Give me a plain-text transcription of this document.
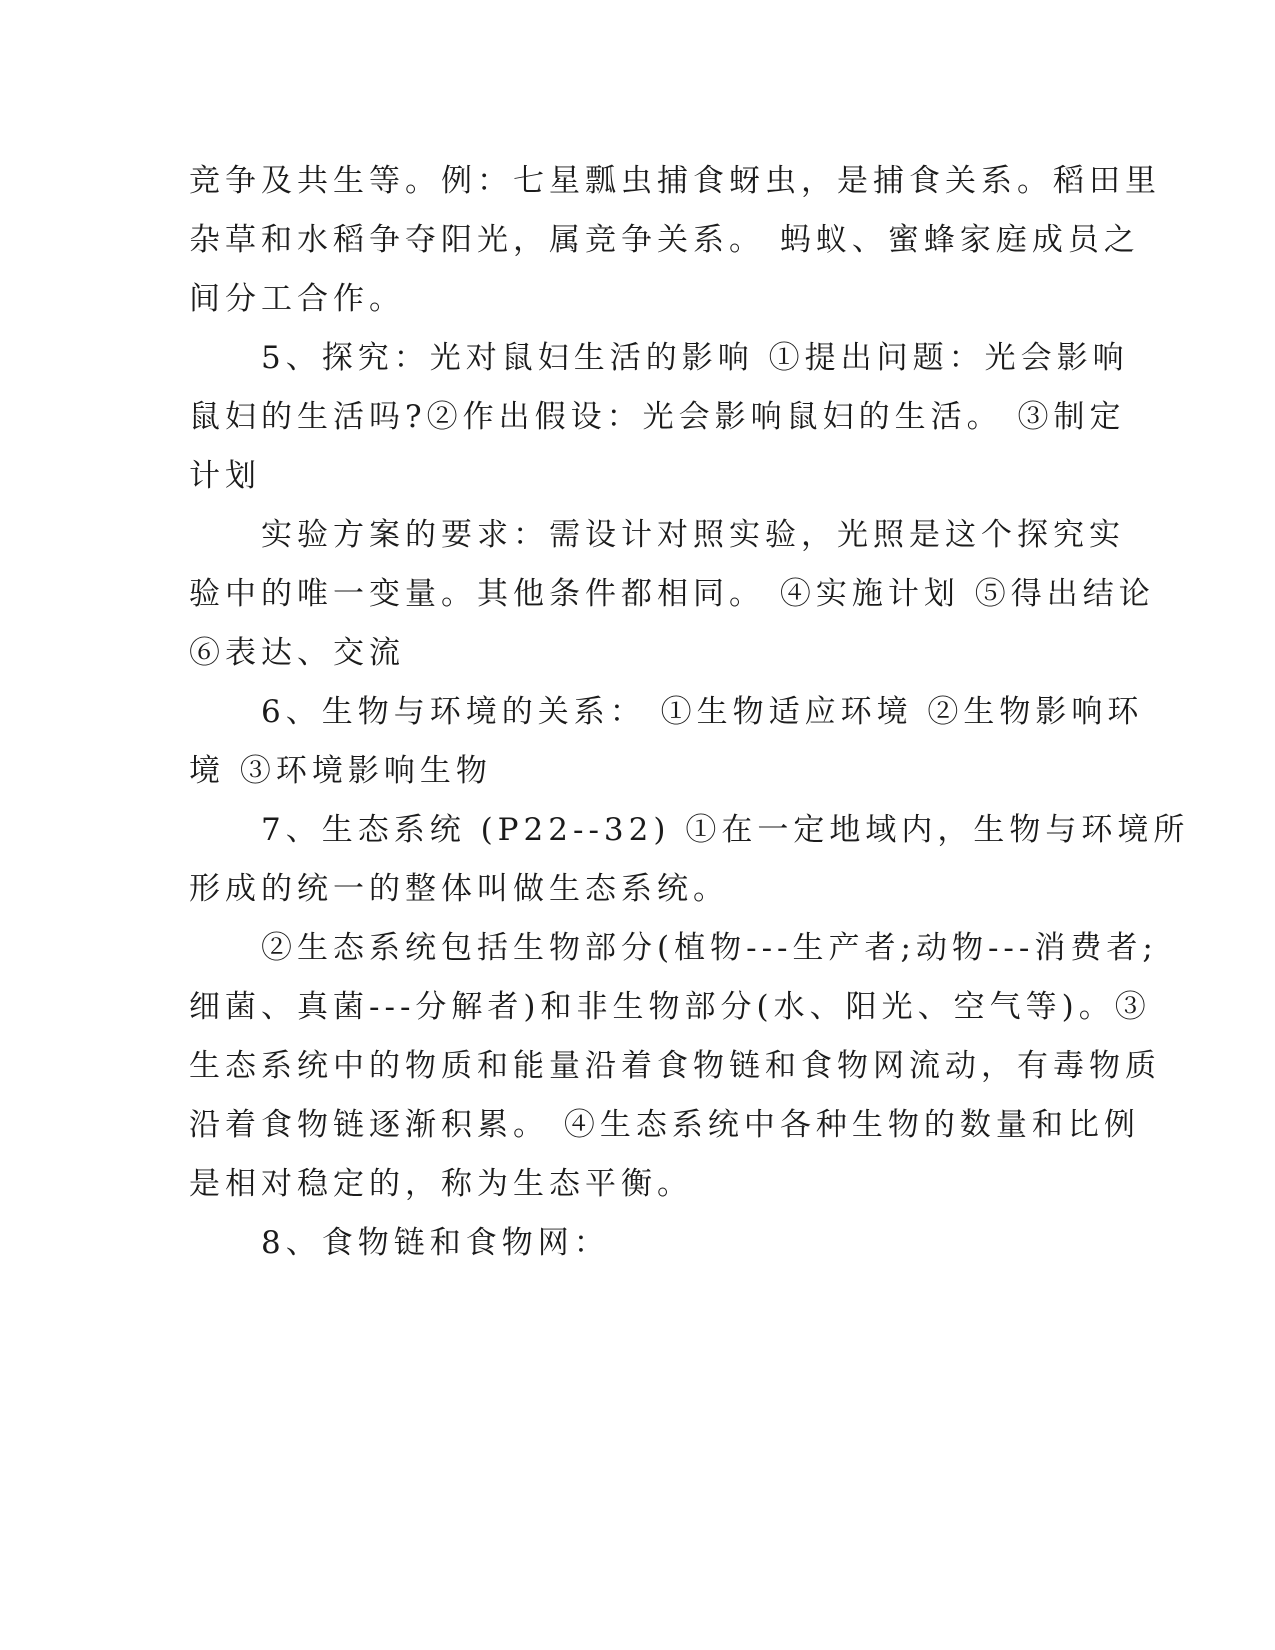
竞争及共生等。例：七星瓢虫捕食蚜虫，是捕食关系。稻田里
杂草和水稻争夺阳光，属竞争关系。 蚂蚁、蜜蜂家庭成员之
间分工合作。
5、探究：光对鼠妇生活的影响 ①提出问题：光会影响
鼠妇的生活吗?②作出假设：光会影响鼠妇的生活。 ③制定
计划
实验方案的要求：需设计对照实验，光照是这个探究实
验中的唯一变量。其他条件都相同。 ④实施计划 ⑤得出结论
⑥表达、交流
6、生物与环境的关系： ①生物适应环境 ②生物影响环
境 ③环境影响生物
7、生态系统 (P22--32) ①在一定地域内，生物与环境所
形成的统一的整体叫做生态系统。
②生态系统包括生物部分(植物---生产者;动物---消费者;
细菌、真菌---分解者)和非生物部分(水、阳光、空气等)。③
生态系统中的物质和能量沿着食物链和食物网流动，有毒物质
沿着食物链逐渐积累。 ④生态系统中各种生物的数量和比例
是相对稳定的，称为生态平衡。
8、食物链和食物网：
